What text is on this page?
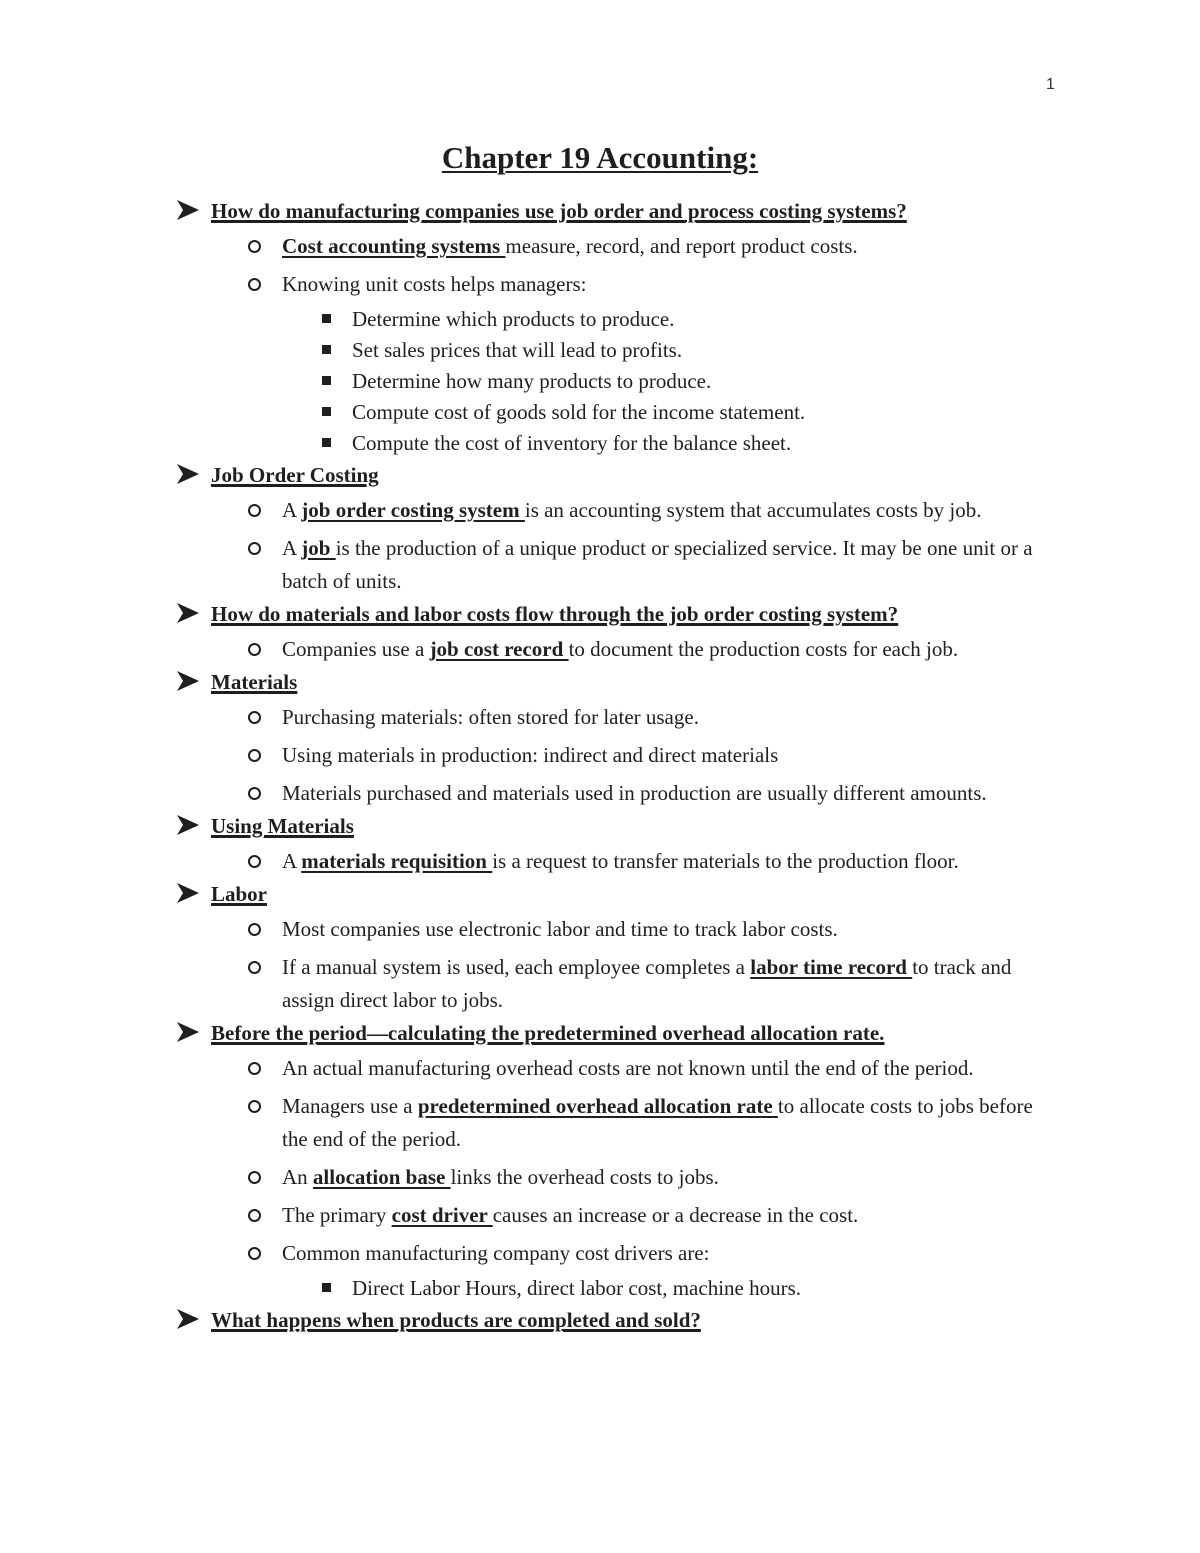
1
Chapter 19 Accounting:
How do manufacturing companies use job order and process costing systems?
Cost accounting systems measure, record, and report product costs.
Knowing unit costs helps managers:
Determine which products to produce.
Set sales prices that will lead to profits.
Determine how many products to produce.
Compute cost of goods sold for the income statement.
Compute the cost of inventory for the balance sheet.
Job Order Costing
A job order costing system is an accounting system that accumulates costs by job.
A job is the production of a unique product or specialized service. It may be one unit or a batch of units.
How do materials and labor costs flow through the job order costing system?
Companies use a job cost record to document the production costs for each job.
Materials
Purchasing materials: often stored for later usage.
Using materials in production: indirect and direct materials
Materials purchased and materials used in production are usually different amounts.
Using Materials
A materials requisition is a request to transfer materials to the production floor.
Labor
Most companies use electronic labor and time to track labor costs.
If a manual system is used, each employee completes a labor time record to track and assign direct labor to jobs.
Before the period—calculating the predetermined overhead allocation rate.
An actual manufacturing overhead costs are not known until the end of the period.
Managers use a predetermined overhead allocation rate to allocate costs to jobs before the end of the period.
An allocation base links the overhead costs to jobs.
The primary cost driver causes an increase or a decrease in the cost.
Common manufacturing company cost drivers are:
Direct Labor Hours, direct labor cost, machine hours.
What happens when products are completed and sold?
